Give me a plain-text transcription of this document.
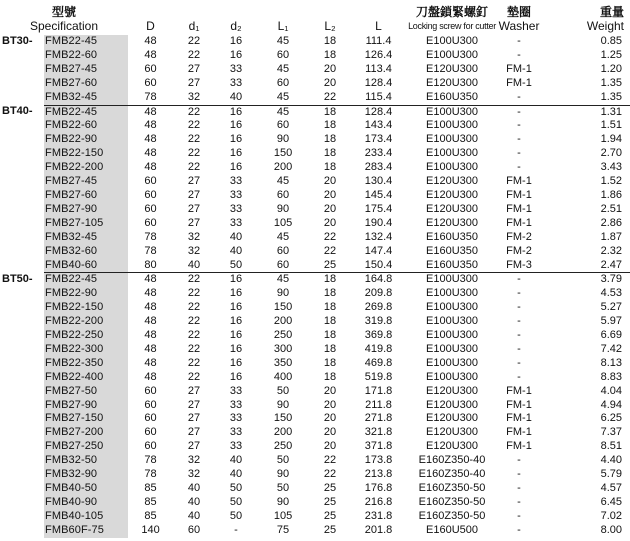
型號
Specification		D	d₁	d₂	L₁	L₂	L	刀盤鎖緊螺釘
Locking screw for cutter	墊圈
Washer	重量
Weight

BT30-	FMB22-45	48	22	16	45	18	111.4	E100U300	-	0.85
	FMB22-60	48	22	16	60	18	126.4	E100U300	-	1.25
	FMB27-45	60	27	33	45	20	113.4	E120U300	FM-1	1.20
	FMB27-60	60	27	33	60	20	128.4	E120U300	FM-1	1.35
	FMB32-45	78	32	40	45	22	115.4	E160U350	-	1.35
BT40-	FMB22-45	48	22	16	45	18	128.4	E100U300	-	1.31
	FMB22-60	48	22	16	60	18	143.4	E100U300	-	1.51
	FMB22-90	48	22	16	90	18	173.4	E100U300	-	1.94
	FMB22-150	48	22	16	150	18	233.4	E100U300	-	2.70
	FMB22-200	48	22	16	200	18	283.4	E100U300	-	3.43
	FMB27-45	60	27	33	45	20	130.4	E120U300	FM-1	1.52
	FMB27-60	60	27	33	60	20	145.4	E120U300	FM-1	1.86
	FMB27-90	60	27	33	90	20	175.4	E120U300	FM-1	2.51
	FMB27-105	60	27	33	105	20	190.4	E120U300	FM-1	2.86
	FMB32-45	78	32	40	45	22	132.4	E160U350	FM-2	1.87
	FMB32-60	78	32	40	60	22	147.4	E160U350	FM-2	2.32
	FMB40-60	80	40	50	60	25	150.4	E160U350	FM-3	2.47
BT50-	FMB22-45	48	22	16	45	18	164.8	E100U300	-	3.79
	FMB22-90	48	22	16	90	18	209.8	E100U300	-	4.53
	FMB22-150	48	22	16	150	18	269.8	E100U300	-	5.27
	FMB22-200	48	22	16	200	18	319.8	E100U300	-	5.97
	FMB22-250	48	22	16	250	18	369.8	E100U300	-	6.69
	FMB22-300	48	22	16	300	18	419.8	E100U300	-	7.42
	FMB22-350	48	22	16	350	18	469.8	E100U300	-	8.13
	FMB22-400	48	22	16	400	18	519.8	E100U300	-	8.83
	FMB27-50	60	27	33	50	20	171.8	E120U300	FM-1	4.04
	FMB27-90	60	27	33	90	20	211.8	E120U300	FM-1	4.94
	FMB27-150	60	27	33	150	20	271.8	E120U300	FM-1	6.25
	FMB27-200	60	27	33	200	20	321.8	E120U300	FM-1	7.37
	FMB27-250	60	27	33	250	20	371.8	E120U300	FM-1	8.51
	FMB32-50	78	32	40	50	22	173.8	E160Z350-40	-	4.40
	FMB32-90	78	32	40	90	22	213.8	E160Z350-40	-	5.79
	FMB40-50	85	40	50	50	25	176.8	E160Z350-50	-	4.57
	FMB40-90	85	40	50	90	25	216.8	E160Z350-50	-	6.45
	FMB40-105	85	40	50	105	25	231.8	E160Z350-50	-	7.02
	FMB60F-75	140	60	-	75	25	201.8	E160U500	-	8.00
